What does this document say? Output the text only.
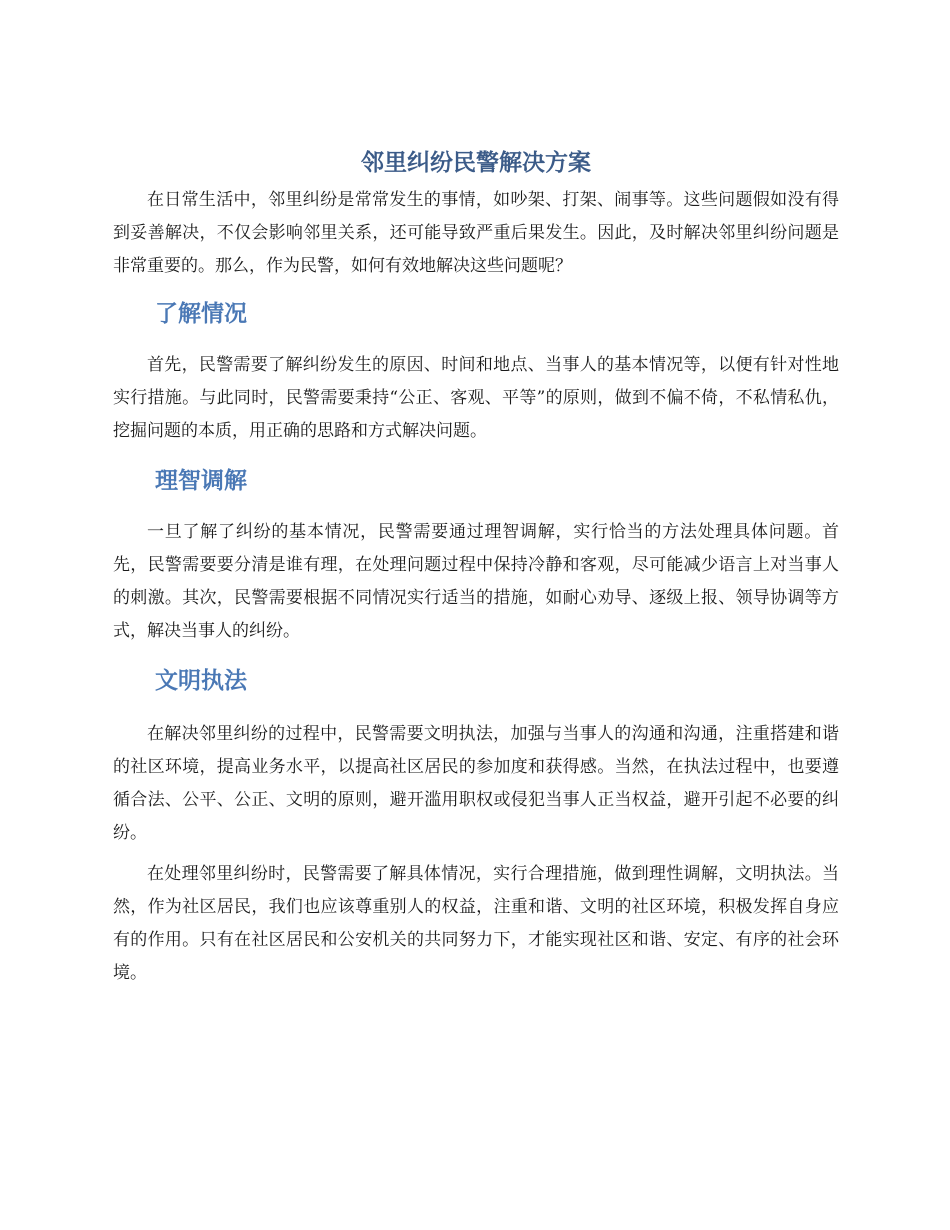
邻里纠纷民警解决方案

在日常生活中，邻里纠纷是常常发生的事情，如吵架、打架、闹事等。这些问题假如没有得到妥善解决，不仅会影响邻里关系，还可能导致严重后果发生。因此，及时解决邻里纠纷问题是非常重要的。那么，作为民警，如何有效地解决这些问题呢？

了解情况

首先，民警需要了解纠纷发生的原因、时间和地点、当事人的基本情况等，以便有针对性地实行措施。与此同时，民警需要秉持“公正、客观、平等”的原则，做到不偏不倚，不私情私仇，挖掘问题的本质，用正确的思路和方式解决问题。

理智调解

一旦了解了纠纷的基本情况，民警需要通过理智调解，实行恰当的方法处理具体问题。首先，民警需要要分清是谁有理，在处理问题过程中保持冷静和客观，尽可能减少语言上对当事人的刺激。其次，民警需要根据不同情况实行适当的措施，如耐心劝导、逐级上报、领导协调等方式，解决当事人的纠纷。

文明执法

在解决邻里纠纷的过程中，民警需要文明执法，加强与当事人的沟通和沟通，注重搭建和谐的社区环境，提高业务水平，以提高社区居民的参加度和获得感。当然，在执法过程中，也要遵循合法、公平、公正、文明的原则，避开滥用职权或侵犯当事人正当权益，避开引起不必要的纠纷。

在处理邻里纠纷时，民警需要了解具体情况，实行合理措施，做到理性调解，文明执法。当然，作为社区居民，我们也应该尊重别人的权益，注重和谐、文明的社区环境，积极发挥自身应有的作用。只有在社区居民和公安机关的共同努力下，才能实现社区和谐、安定、有序的社会环境。
